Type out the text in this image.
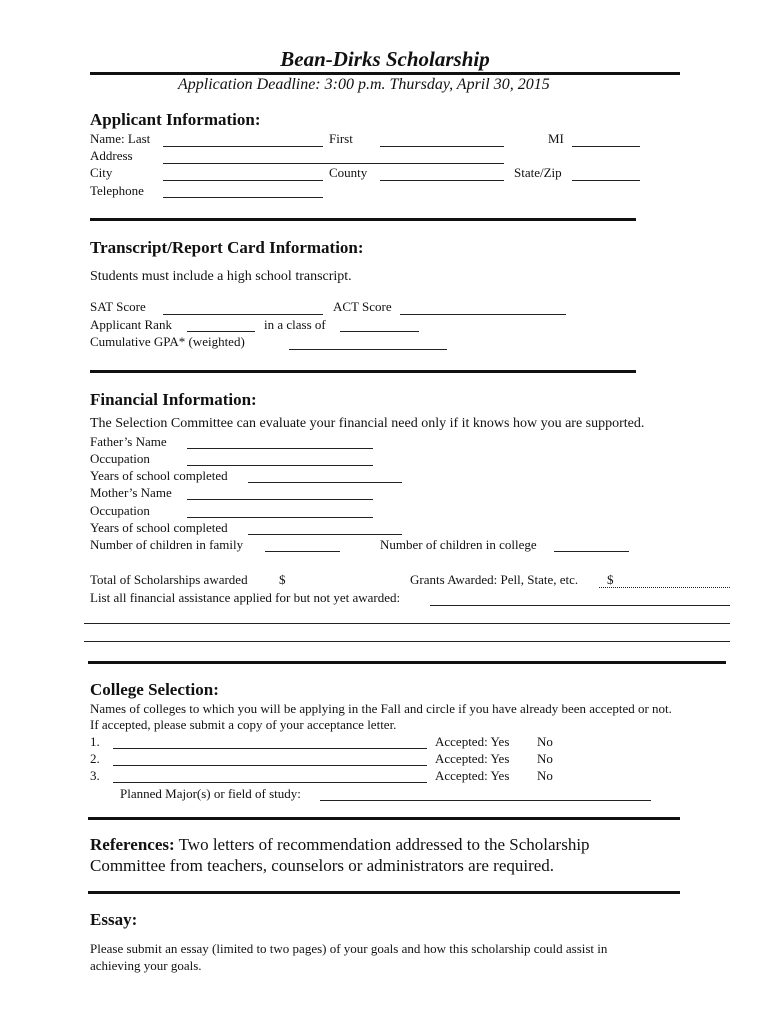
Bean-Dirks Scholarship
Application Deadline: 3:00 p.m. Thursday, April 30, 2015
Applicant Information:
Name: Last	First	MI
Address
City	County	State/Zip
Telephone
Transcript/Report Card Information:
Students must include a high school transcript.
SAT Score	ACT Score
Applicant Rank	in a class of
Cumulative GPA* (weighted)
Financial Information:
The Selection Committee can evaluate your financial need only if it knows how you are supported.
Father’s Name
Occupation
Years of school completed
Mother’s Name
Occupation
Years of school completed
Number of children in family	Number of children in college
Total of Scholarships awarded $	Grants Awarded: Pell, State, etc. $
List all financial assistance applied for but not yet awarded:
College Selection:
Names of colleges to which you will be applying in the Fall and circle if you have already been accepted or not.
If accepted, please submit a copy of your acceptance letter.
1.	Accepted: Yes No
2.	Accepted: Yes No
3.	Accepted: Yes No
Planned Major(s) or field of study:
References: Two letters of recommendation addressed to the Scholarship
Committee from teachers, counselors or administrators are required.
Essay:
Please submit an essay (limited to two pages) of your goals and how this scholarship could assist in
achieving your goals.
